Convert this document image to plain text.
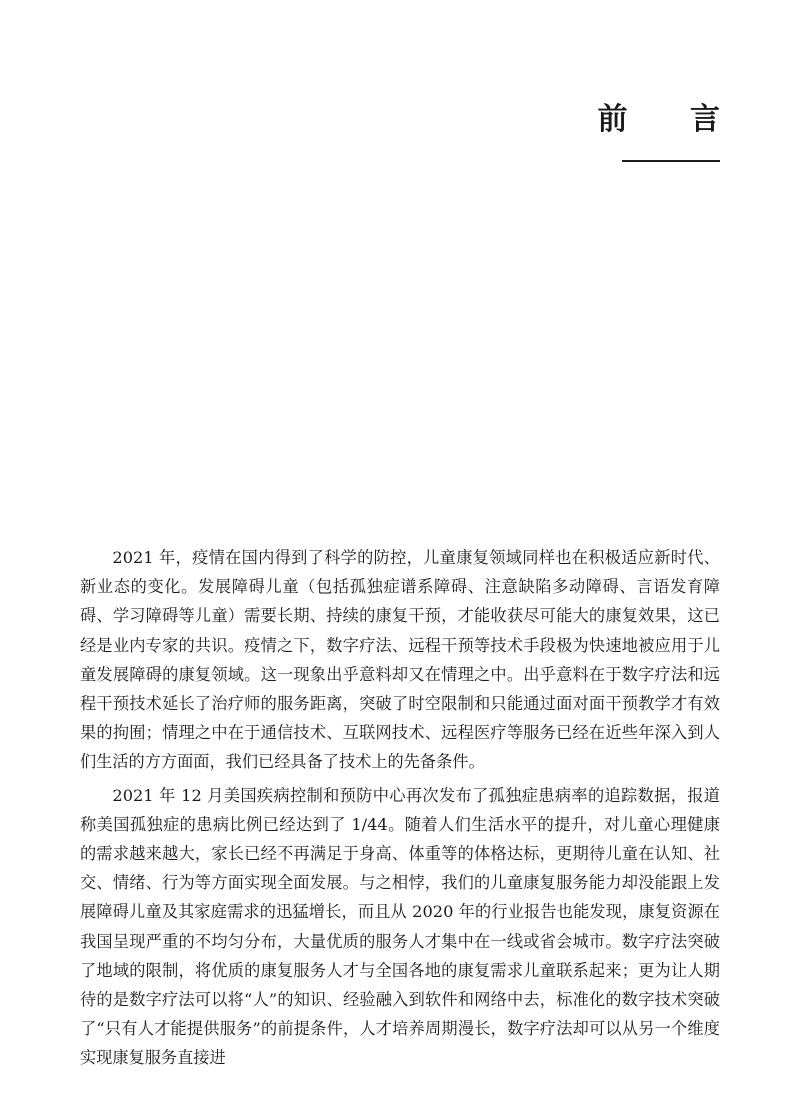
前 言

2021 年，疫情在国内得到了科学的防控，儿童康复领域同样也在积极适应新时代、新业态的变化。发展障碍儿童（包括孤独症谱系障碍、注意缺陷多动障碍、言语发育障碍、学习障碍等儿童）需要长期、持续的康复干预，才能收获尽可能大的康复效果，这已经是业内专家的共识。疫情之下，数字疗法、远程干预等技术手段极为快速地被应用于儿童发展障碍的康复领域。这一现象出乎意料却又在情理之中。出乎意料在于数字疗法和远程干预技术延长了治疗师的服务距离，突破了时空限制和只能通过面对面干预教学才有效果的拘囿；情理之中在于通信技术、互联网技术、远程医疗等服务已经在近些年深入到人们生活的方方面面，我们已经具备了技术上的先备条件。

2021 年 12 月美国疾病控制和预防中心再次发布了孤独症患病率的追踪数据，报道称美国孤独症的患病比例已经达到了 1/44。随着人们生活水平的提升，对儿童心理健康的需求越来越大，家长已经不再满足于身高、体重等的体格达标，更期待儿童在认知、社交、情绪、行为等方面实现全面发展。与之相悖，我们的儿童康复服务能力却没能跟上发展障碍儿童及其家庭需求的迅猛增长，而且从 2020 年的行业报告也能发现，康复资源在我国呈现严重的不均匀分布，大量优质的服务人才集中在一线或省会城市。数字疗法突破了地域的限制，将优质的康复服务人才与全国各地的康复需求儿童联系起来；更为让人期待的是数字疗法可以将“人”的知识、经验融入到软件和网络中去，标准化的数字技术突破了“只有人才能提供服务”的前提条件，人才培养周期漫长，数字疗法却可以从另一个维度实现康复服务直接进
